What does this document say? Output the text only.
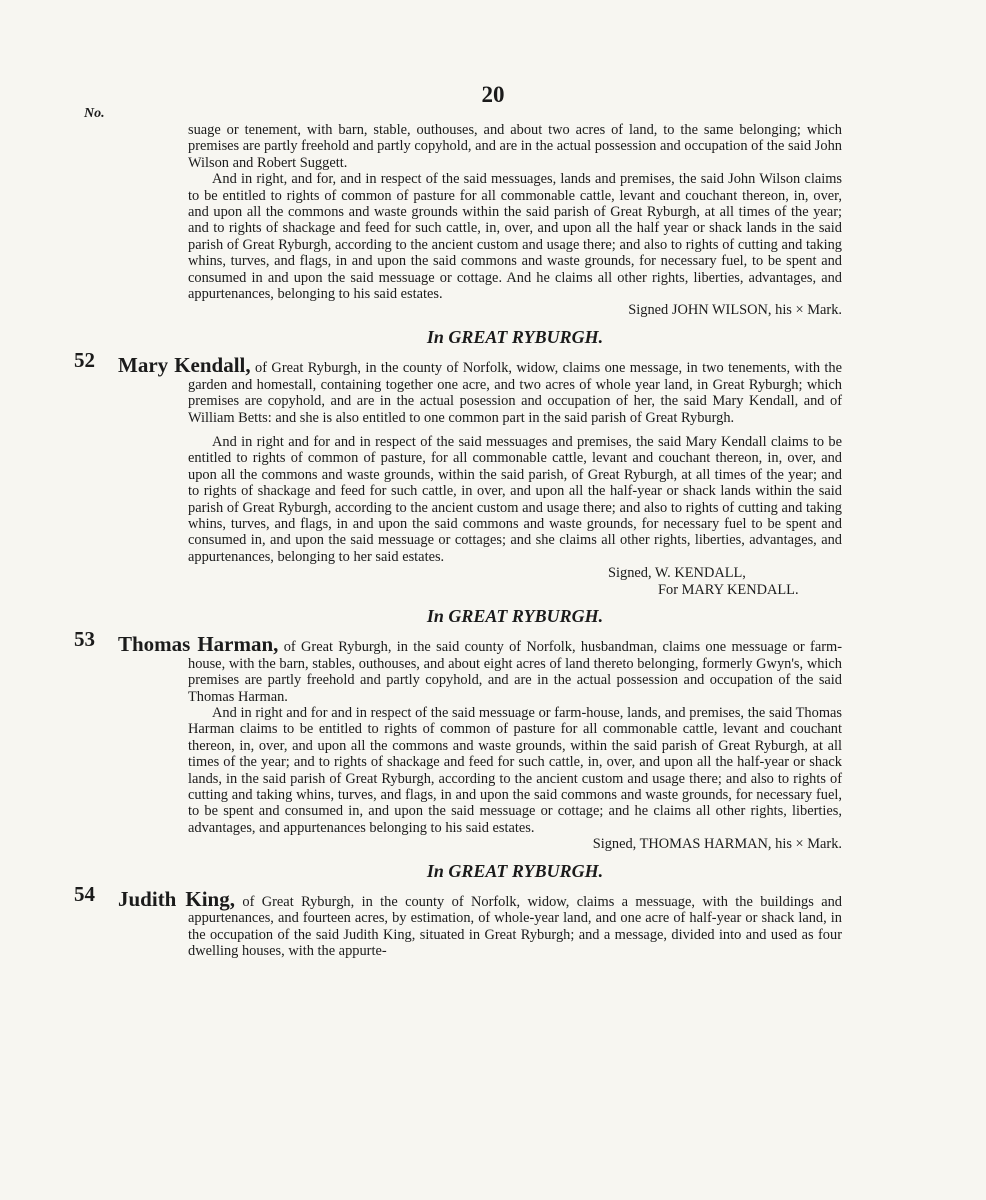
20
No.

suage or tenement, with barn, stable, outhouses, and about two acres of land, to the same belonging; which premises are partly freehold and partly copyhold, and are in the actual possession and occupation of the said John Wilson and Robert Suggett.

And in right, and for, and in respect of the said messuages, lands and premises, the said John Wilson claims to be entitled to rights of common of pasture for all commonable cattle, levant and couchant thereon, in, over, and upon all the commons and waste grounds within the said parish of Great Ryburgh, at all times of the year; and to rights of shackage and feed for such cattle, in, over, and upon all the half year or shack lands in the said parish of Great Ryburgh, according to the ancient custom and usage there; and also to rights of cutting and taking whins, turves, and flags, in and upon the said commons and waste grounds, for necessary fuel, to be spent and consumed in and upon the said messuage or cottage. And he claims all other rights, liberties, advantages, and appurtenances, belonging to his said estates.

Signed JOHN WILSON, his × Mark.

In GREAT RYBURGH.
52 Mary Kendall, of Great Ryburgh, in the county of Norfolk, widow, claims one message, in two tenements, with the garden and homestall, containing together one acre, and two acres of whole year land, in Great Ryburgh; which premises are copyhold, and are in the actual posession and occupation of her, the said Mary Kendall, and of William Betts: and she is also entitled to one common part in the said parish of Great Ryburgh.

And in right and for and in respect of the said messuages and premises, the said Mary Kendall claims to be entitled to rights of common of pasture, for all commonable cattle, levant and couchant thereon, in, over, and upon all the commons and waste grounds, within the said parish, of Great Ryburgh, at all times of the year; and to rights of shackage and feed for such cattle, in over, and upon all the half-year or shack lands within the said parish of Great Ryburgh, according to the ancient custom and usage there; and also to rights of cutting and taking whins, turves, and flags, in and upon the said commons and waste grounds, for necessary fuel to be spent and consumed in, and upon the said messuage or cottages; and she claims all other rights, liberties, advantages, and appurtenances, belonging to her said estates.

Signed, W. KENDALL,
For MARY KENDALL.
In GREAT RYBURGH.
53 Thomas Harman, of Great Ryburgh, in the said county of Norfolk, husbandman, claims one messuage or farm-house, with the barn, stables, outhouses, and about eight acres of land thereto belonging, formerly Gwyn's, which premises are partly freehold and partly copyhold, and are in the actual possession and occupation of the said Thomas Harman.

And in right and for and in respect of the said messuage or farm-house, lands, and premises, the said Thomas Harman claims to be entitled to rights of common of pasture for all commonable cattle, levant and couchant thereon, in, over, and upon all the commons and waste grounds, within the said parish of Great Ryburgh, at all times of the year; and to rights of shackage and feed for such cattle, in, over, and upon all the half-year or shack lands, in the said parish of Great Ryburgh, according to the ancient custom and usage there; and also to rights of cutting and taking whins, turves, and flags, in and upon the said commons and waste grounds, for necessary fuel, to be spent and consumed in, and upon the said messuage or cottage; and he claims all other rights, liberties, advantages, and appurtenances belonging to his said estates.

Signed, THOMAS HARMAN, his × Mark.

In GREAT RYBURGH.
54 Judith King, of Great Ryburgh, in the county of Norfolk, widow, claims a messuage, with the buildings and appurtenances, and fourteen acres, by estimation, of whole-year land, and one acre of half-year or shack land, in the occupation of the said Judith King, situated in Great Ryburgh; and a message, divided into and used as four dwelling houses, with the appurte-
